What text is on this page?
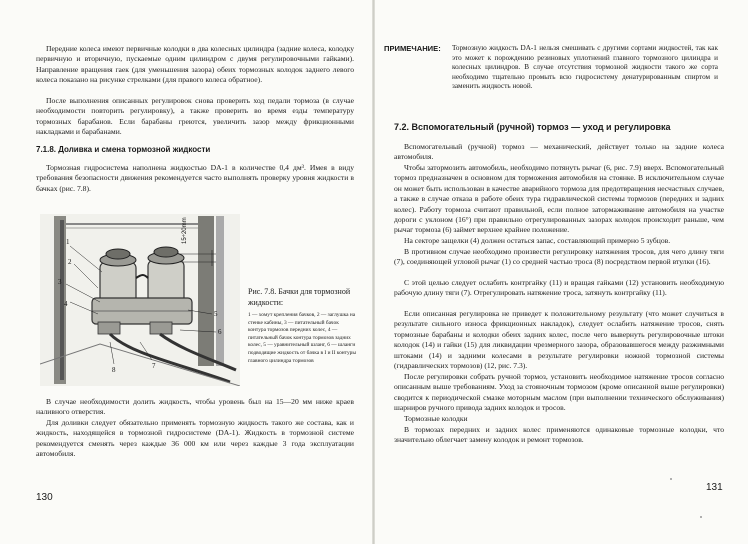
Передние колеса имеют первичные колодки в два колесных цилиндра (задние колеса, колодку первичную и вторичную, пускаемые одним цилиндром с двумя регулировочными гайками). Направление вращения гаек (для уменьшения зазора) обеих тормозных колодок заднего левого колеса показано на рисунке стрелками (для правого колеса обратное).

После выполнения описанных регулировок снова проверить ход педали тормоза (в случае необходимости повторить регулировку), а также проверить во время езды температуру тормозных барабанов. Если барабаны греются, увеличить зазор между фрикционными накладками и барабанами.

7.1.8. Доливка и смена тормозной жидкости

Тормозная гидросистема наполнена жидкостью DA-1 в количестве 0,4 дм³. Имея в виду требования безопасности движения рекомендуется часто выполнять проверку уровня жидкости в бачках (рис. 7.8).

15÷20mm
1
2
3
4
5
6
7
8

Рис. 7.8. Бачки для тормозной жидкости:

1 — хомут крепления бачков, 2 — заглушка на стенке кабины, 3 — питательный бачок контура тормозов передних колес, 4 — питательный бачок контура тормозов задних колес, 5 — уравнительный шланг, 6 — шланги подводящие жидкость от бачка в I и II контуры главного цилиндра тормозов

В случае необходимости долить жидкость, чтобы уровень был на 15—20 мм ниже краев наливного отверстия.

Для доливки следует обязательно применять тормозную жидкость такого же состава, как и жидкость, находящейся в тормозной гидросистеме (DA-1). Жидкость в тормозной системе рекомендуется сменять через каждые 36 000 км или через каждые 3 года эксплуатации автомобиля.

130

ПРИМЕЧАНИЕ:	Тормозную жидкость DA-1 нельзя смешивать с другими сортами жидкостей, так как это может к порождению резиновых уплотнений главного тормозного цилиндра и колесных цилиндров. В случае отсутствия тормозной жидкости такого же сорта необходимо тщательно промыть всю гидросистему денатурированным спиртом и заменить жидкость новой.

7.2. Вспомогательный (ручной) тормоз — уход и регулировка

Вспомогательный (ручной) тормоз — механический, действует только на задние колеса автомобиля.

Чтобы затормозить автомобиль, необходимо потянуть рычаг (6, рис. 7.9) вверх. Вспомогательный тормоз предназначен в основном для торможения автомобиля на стоянке. В исключительном случае он может быть использован в качестве аварийного тормоза для предотвращения несчастных случаев, а также в случае отказа в работе обеих тура гидравлической системы тормозов (передних и задних колес). Работу тормоза считают правильной, если полное затормаживание автомобиля на участке дороги с уклоном (16°) при правильно отрегулированных зазорах колодок происходит раньше, чем рычаг тормоза (6) займет верхнее крайнее положение.

На секторе защелки (4) должен остаться запас, составляющий примерно 5 зубцов.

В противном случае необходимо произвести регулировку натяжения тросов, для чего длину тяги (7), соединяющей угловой рычаг (1) со средней частью троса (8) посредством первой втулки (16).

С этой целью следует ослабить контргайку (11) и вращая гайками (12) установить необходимую рабочую длину тяги (7). Отрегулировать натяжение троса, затянуть контргайку (11).

Если описанная регулировка не приведет к положительному результату (что может случиться в результате сильного износа фрикционных накладок), следует ослабить натяжение тросов, снять тормозные барабаны и колодки обеих задних колес, после чего вывернуть регулировочные штоки колодок (14) и гайки (15) для ликвидации чрезмерного зазора, образовавшегося между разжимными штоками (14) и задними колесами в результате регулировки ножной тормозной системы (гидравлических тормозов) (12, рис. 7.3).

После регулировки собрать ручной тормоз, установить необходимое натяжение тросов согласно описанным выше требованиям. Уход за стояночным тормозом (кроме описанной выше регулировки) сводится к периодической смазке моторным маслом (при выполнении технического обслуживания) шарниров ручного привода задних колодок и тросов.

Тормозные колодки

В тормозах передних и задних колес применяются одинаковые тормозные колодки, что значительно облегчает замену колодок и ремонт тормозов.

131
